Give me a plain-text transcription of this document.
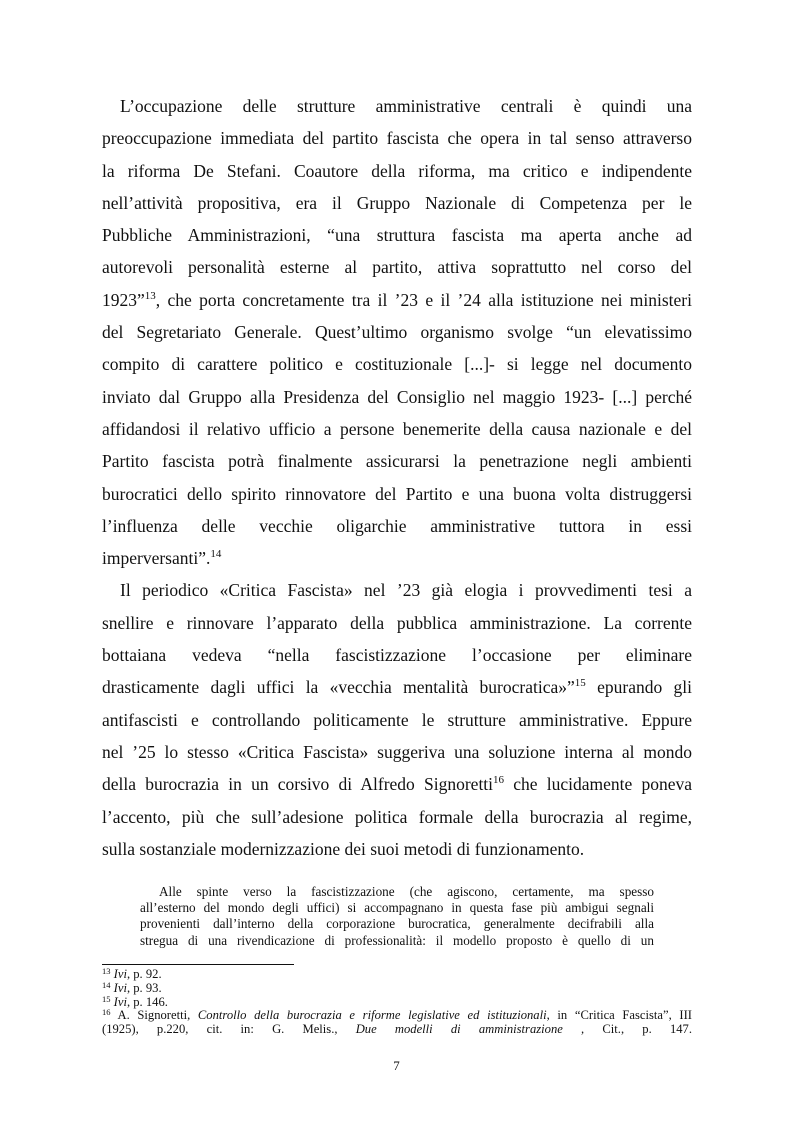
L’occupazione delle strutture amministrative centrali è quindi una
preoccupazione immediata del partito fascista che opera in tal senso attraverso
la riforma De Stefani. Coautore della riforma, ma critico e indipendente
nell’attività propositiva, era il Gruppo Nazionale di Competenza per le
Pubbliche Amministrazioni, “una struttura fascista ma aperta anche ad
autorevoli personalità esterne al partito, attiva soprattutto nel corso del
1923”$^{13}$, che porta concretamente tra il ’23 e il ’24 alla istituzione nei ministeri
del Segretariato Generale. Quest’ultimo organismo svolge “un elevatissimo
compito di carattere politico e costituzionale [...]- si legge nel documento
inviato dal Gruppo alla Presidenza del Consiglio nel maggio 1923- [...] perché
affidandosi il relativo ufficio a persone benemerite della causa nazionale e del
Partito fascista potrà finalmente assicurarsi la penetrazione negli ambienti
burocratici dello spirito rinnovatore del Partito e una buona volta distruggersi
l’influenza delle vecchie oligarchie amministrative tuttora in essi
imperversanti”.$^{14}$
Il periodico «Critica Fascista» nel ’23 già elogia i provvedimenti tesi a
snellire e rinnovare l’apparato della pubblica amministrazione. La corrente
bottaiana vedeva “nella fascistizzazione l’occasione per eliminare
drasticamente dagli uffici la «vecchia mentalità burocratica»”$^{15}$ epurando gli
antifascisti e controllando politicamente le strutture amministrative. Eppure
nel ’25 lo stesso «Critica Fascista» suggeriva una soluzione interna al mondo
della burocrazia in un corsivo di Alfredo Signoretti$^{16}$ che lucidamente poneva
l’accento, più che sull’adesione politica formale della burocrazia al regime,
sulla sostanziale modernizzazione dei suoi metodi di funzionamento.
Alle spinte verso la fascistizzazione (che agiscono, certamente, ma spesso
all’esterno del mondo degli uffici) si accompagnano in questa fase più ambigui segnali
provenienti dall’interno della corporazione burocratica, generalmente decifrabili alla
stregua di una rivendicazione di professionalità: il modello proposto è quello di un
$^{13}$ Ivi, p. 92.
$^{14}$ Ivi, p. 93.
$^{15}$ Ivi, p. 146.
$^{16}$ A. Signoretti, Controllo della burocrazia e riforme legislative ed istituzionali, in “Critica Fascista”, III
(1925), p.220, cit. in: G. Melis., Due modelli di amministrazione , Cit., p. 147.
7
